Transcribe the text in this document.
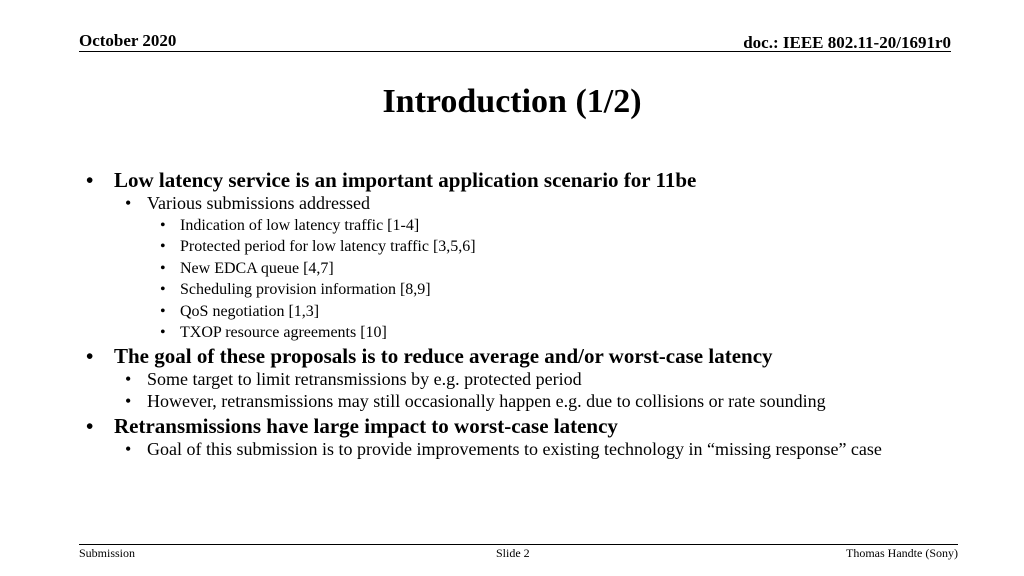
October 2020	doc.: IEEE 802.11-20/1691r0
Introduction (1/2)
• Low latency service is an important application scenario for 11be
• Various submissions addressed
• Indication of low latency traffic [1-4]
• Protected period for low latency traffic [3,5,6]
• New EDCA queue [4,7]
• Scheduling provision information [8,9]
• QoS negotiation [1,3]
• TXOP resource agreements [10]
• The goal of these proposals is to reduce average and/or worst-case latency
• Some target to limit retransmissions by e.g. protected period
• However, retransmissions may still occasionally happen e.g. due to collisions or rate sounding
• Retransmissions have large impact to worst-case latency
• Goal of this submission is to provide improvements to existing technology in “missing response” case
Submission	Slide 2	Thomas Handte (Sony)
